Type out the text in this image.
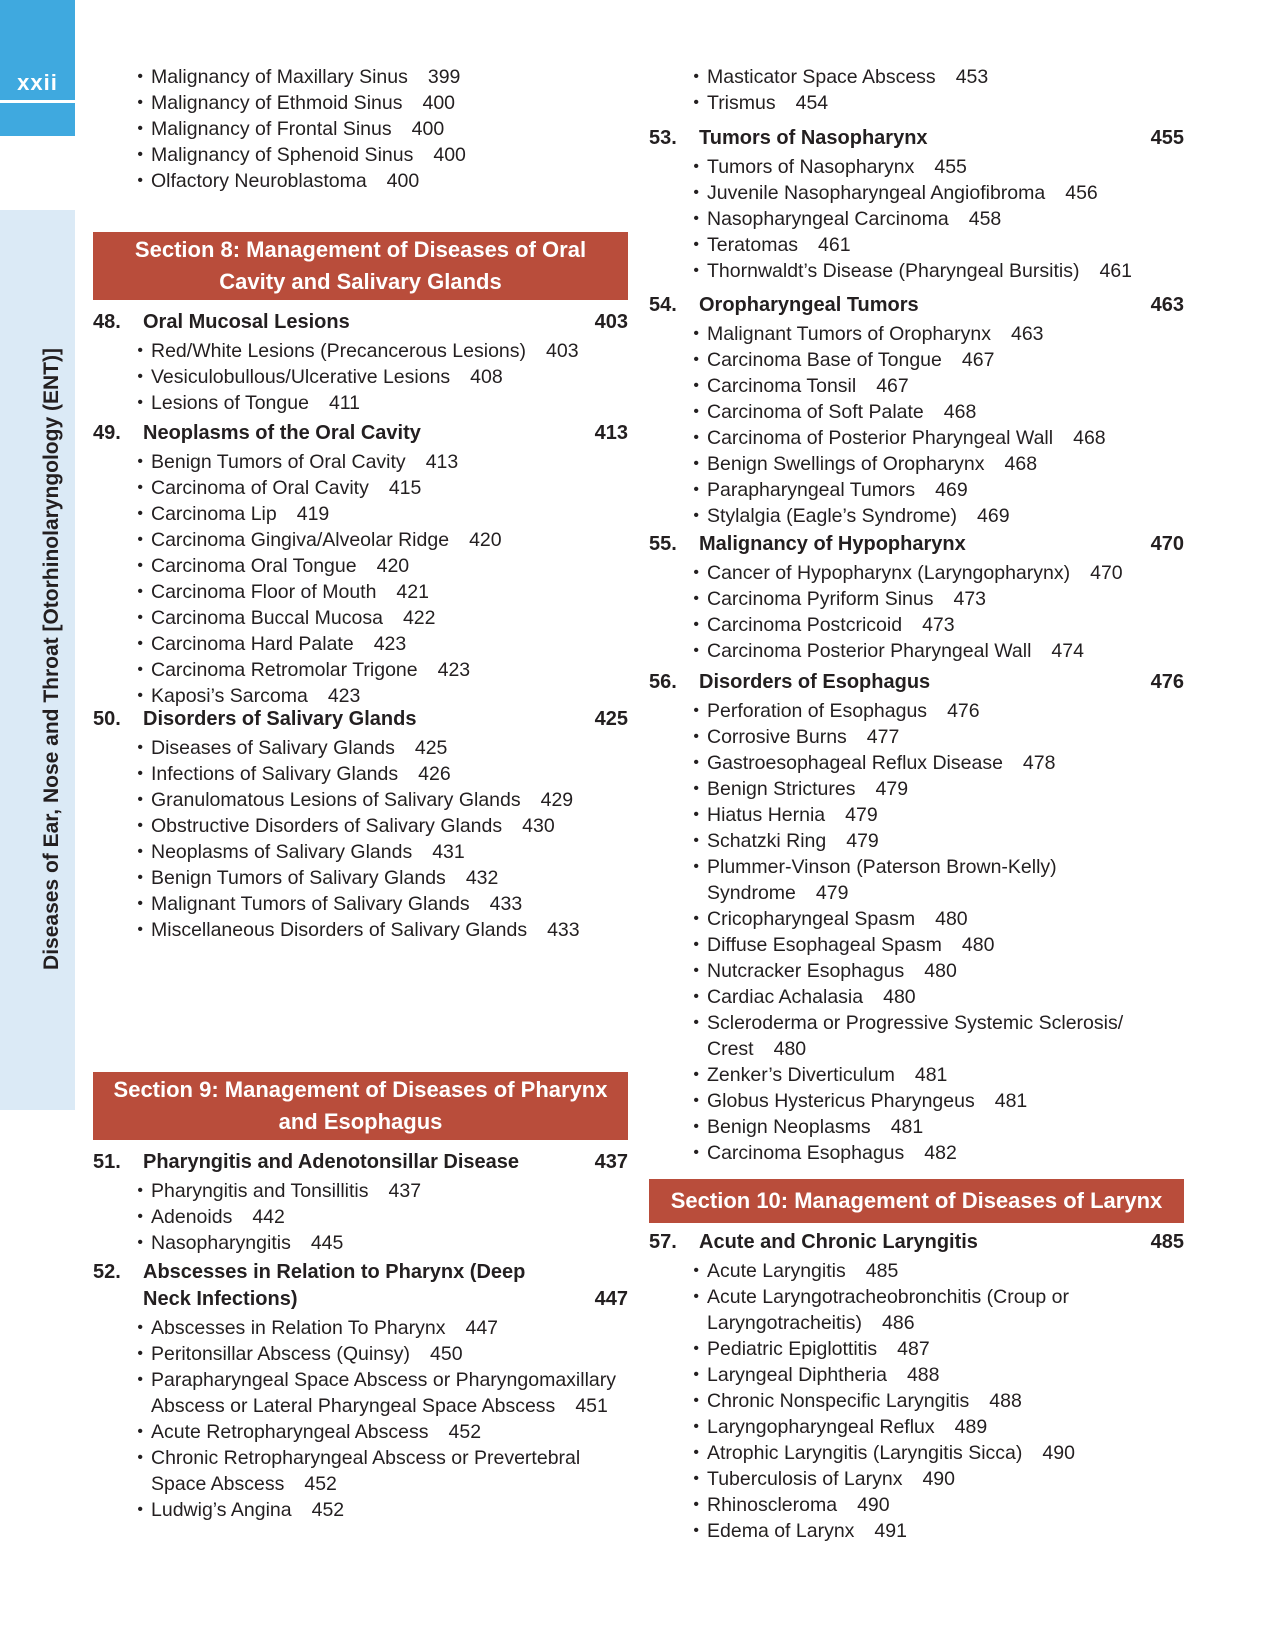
xxii
Diseases of Ear, Nose and Throat [Otorhinolaryngology (ENT)]
• Malignancy of Maxillary Sinus 399
• Malignancy of Ethmoid Sinus 400
• Malignancy of Frontal Sinus 400
• Malignancy of Sphenoid Sinus 400
• Olfactory Neuroblastoma 400
Section 8: Management of Diseases of Oral Cavity and Salivary Glands
48.	Oral Mucosal Lesions	403
• Red/White Lesions (Precancerous Lesions) 403
• Vesiculobullous/Ulcerative Lesions 408
• Lesions of Tongue 411
49.	Neoplasms of the Oral Cavity	413
• Benign Tumors of Oral Cavity 413
• Carcinoma of Oral Cavity 415
• Carcinoma Lip 419
• Carcinoma Gingiva/Alveolar Ridge 420
• Carcinoma Oral Tongue 420
• Carcinoma Floor of Mouth 421
• Carcinoma Buccal Mucosa 422
• Carcinoma Hard Palate 423
• Carcinoma Retromolar Trigone 423
• Kaposi’s Sarcoma 423
50.	Disorders of Salivary Glands	425
• Diseases of Salivary Glands 425
• Infections of Salivary Glands 426
• Granulomatous Lesions of Salivary Glands 429
• Obstructive Disorders of Salivary Glands 430
• Neoplasms of Salivary Glands 431
• Benign Tumors of Salivary Glands 432
• Malignant Tumors of Salivary Glands 433
• Miscellaneous Disorders of Salivary Glands 433
Section 9: Management of Diseases of Pharynx and Esophagus
51.	Pharyngitis and Adenotonsillar Disease	437
• Pharyngitis and Tonsillitis 437
• Adenoids 442
• Nasopharyngitis 445
52.	Abscesses in Relation to Pharynx (Deep Neck Infections)	447
• Abscesses in Relation To Pharynx 447
• Peritonsillar Abscess (Quinsy) 450
• Parapharyngeal Space Abscess or Pharyngomaxillary Abscess or Lateral Pharyngeal Space Abscess 451
• Acute Retropharyngeal Abscess 452
• Chronic Retropharyngeal Abscess or Prevertebral Space Abscess 452
• Ludwig’s Angina 452
• Masticator Space Abscess 453
• Trismus 454
53.	Tumors of Nasopharynx	455
• Tumors of Nasopharynx 455
• Juvenile Nasopharyngeal Angiofibroma 456
• Nasopharyngeal Carcinoma 458
• Teratomas 461
• Thornwaldt’s Disease (Pharyngeal Bursitis) 461
54.	Oropharyngeal Tumors	463
• Malignant Tumors of Oropharynx 463
• Carcinoma Base of Tongue 467
• Carcinoma Tonsil 467
• Carcinoma of Soft Palate 468
• Carcinoma of Posterior Pharyngeal Wall 468
• Benign Swellings of Oropharynx 468
• Parapharyngeal Tumors 469
• Stylalgia (Eagle’s Syndrome) 469
55.	Malignancy of Hypopharynx	470
• Cancer of Hypopharynx (Laryngopharynx) 470
• Carcinoma Pyriform Sinus 473
• Carcinoma Postcricoid 473
• Carcinoma Posterior Pharyngeal Wall 474
56.	Disorders of Esophagus	476
• Perforation of Esophagus 476
• Corrosive Burns 477
• Gastroesophageal Reflux Disease 478
• Benign Strictures 479
• Hiatus Hernia 479
• Schatzki Ring 479
• Plummer-Vinson (Paterson Brown-Kelly) Syndrome 479
• Cricopharyngeal Spasm 480
• Diffuse Esophageal Spasm 480
• Nutcracker Esophagus 480
• Cardiac Achalasia 480
• Scleroderma or Progressive Systemic Sclerosis/ Crest 480
• Zenker’s Diverticulum 481
• Globus Hystericus Pharyngeus 481
• Benign Neoplasms 481
• Carcinoma Esophagus 482
Section 10: Management of Diseases of Larynx
57.	Acute and Chronic Laryngitis	485
• Acute Laryngitis 485
• Acute Laryngotracheobronchitis (Croup or Laryngotracheitis) 486
• Pediatric Epiglottitis 487
• Laryngeal Diphtheria 488
• Chronic Nonspecific Laryngitis 488
• Laryngopharyngeal Reflux 489
• Atrophic Laryngitis (Laryngitis Sicca) 490
• Tuberculosis of Larynx 490
• Rhinoscleroma 490
• Edema of Larynx 491
